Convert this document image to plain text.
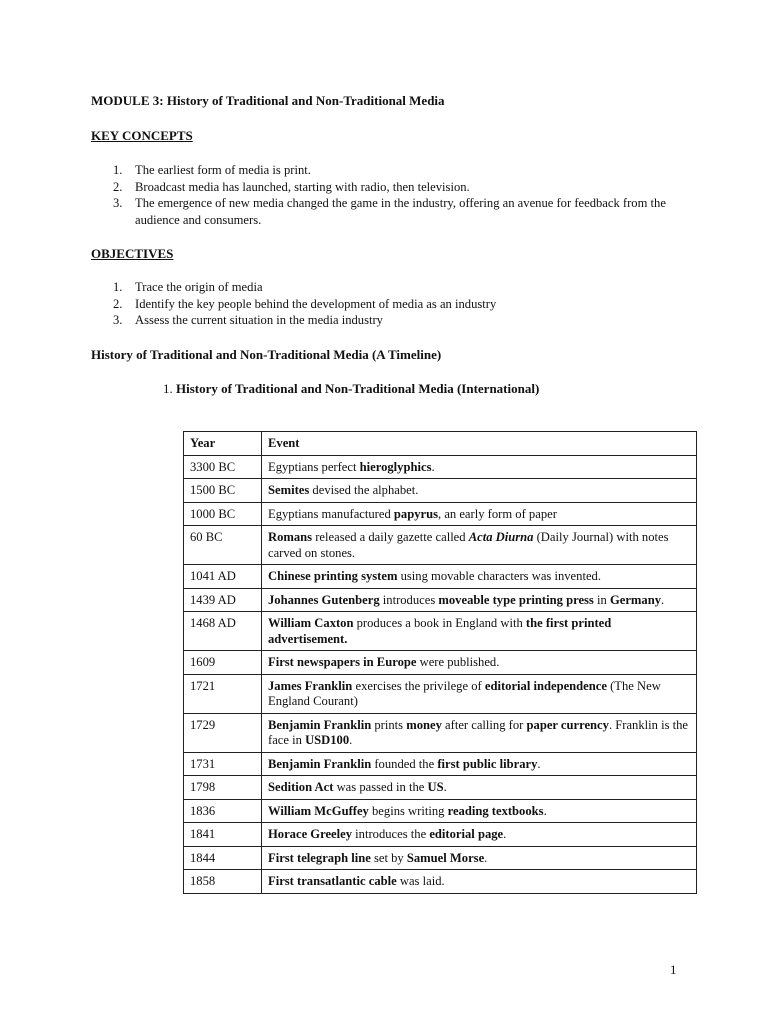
MODULE 3: History of Traditional and Non-Traditional Media
KEY CONCEPTS
1. The earliest form of media is print.
2. Broadcast media has launched, starting with radio, then television.
3. The emergence of new media changed the game in the industry, offering an avenue for feedback from the audience and consumers.
OBJECTIVES
1. Trace the origin of media
2. Identify the key people behind the development of media as an industry
3. Assess the current situation in the media industry
History of Traditional and Non-Traditional Media (A Timeline)
1. History of Traditional and Non-Traditional Media (International)
Year	Event
3300 BC	Egyptians perfect hieroglyphics.
1500 BC	Semites devised the alphabet.
1000 BC	Egyptians manufactured papyrus, an early form of paper
60 BC	Romans released a daily gazette called Acta Diurna (Daily Journal) with notes carved on stones.
1041 AD	Chinese printing system using movable characters was invented.
1439 AD	Johannes Gutenberg introduces moveable type printing press in Germany.
1468 AD	William Caxton produces a book in England with the first printed advertisement.
1609	First newspapers in Europe were published.
1721	James Franklin exercises the privilege of editorial independence (The New England Courant)
1729	Benjamin Franklin prints money after calling for paper currency. Franklin is the face in USD100.
1731	Benjamin Franklin founded the first public library.
1798	Sedition Act was passed in the US.
1836	William McGuffey begins writing reading textbooks.
1841	Horace Greeley introduces the editorial page.
1844	First telegraph line set by Samuel Morse.
1858	First transatlantic cable was laid.
1
